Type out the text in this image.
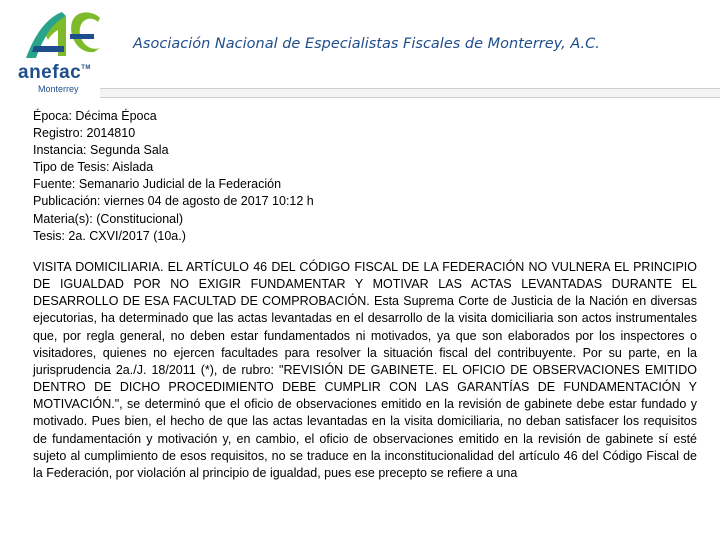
anefac™
Monterrey
Asociación Nacional de Especialistas Fiscales de Monterrey, A.C.
Época: Décima Época
Registro: 2014810
Instancia: Segunda Sala
Tipo de Tesis: Aislada
Fuente: Semanario Judicial de la Federación
Publicación: viernes 04 de agosto de 2017 10:12 h
Materia(s): (Constitucional)
Tesis: 2a. CXVI/2017 (10a.)
VISITA DOMICILIARIA. EL ARTÍCULO 46 DEL CÓDIGO FISCAL DE LA FEDERACIÓN NO VULNERA EL PRINCIPIO DE IGUALDAD POR NO EXIGIR FUNDAMENTAR Y MOTIVAR LAS ACTAS LEVANTADAS DURANTE EL DESARROLLO DE ESA FACULTAD DE COMPROBACIÓN. Esta Suprema Corte de Justicia de la Nación en diversas ejecutorias, ha determinado que las actas levantadas en el desarrollo de la visita domiciliaria son actos instrumentales que, por regla general, no deben estar fundamentados ni motivados, ya que son elaborados por los inspectores o visitadores, quienes no ejercen facultades para resolver la situación fiscal del contribuyente. Por su parte, en la jurisprudencia 2a./J. 18/2011 (*), de rubro: "REVISIÓN DE GABINETE. EL OFICIO DE OBSERVACIONES EMITIDO DENTRO DE DICHO PROCEDIMIENTO DEBE CUMPLIR CON LAS GARANTÍAS DE FUNDAMENTACIÓN Y MOTIVACIÓN.", se determinó que el oficio de observaciones emitido en la revisión de gabinete debe estar fundado y motivado. Pues bien, el hecho de que las actas levantadas en la visita domiciliaria, no deban satisfacer los requisitos de fundamentación y motivación y, en cambio, el oficio de observaciones emitido en la revisión de gabinete sí esté sujeto al cumplimiento de esos requisitos, no se traduce en la inconstitucionalidad del artículo 46 del Código Fiscal de la Federación, por violación al principio de igualdad, pues ese precepto se refiere a una
